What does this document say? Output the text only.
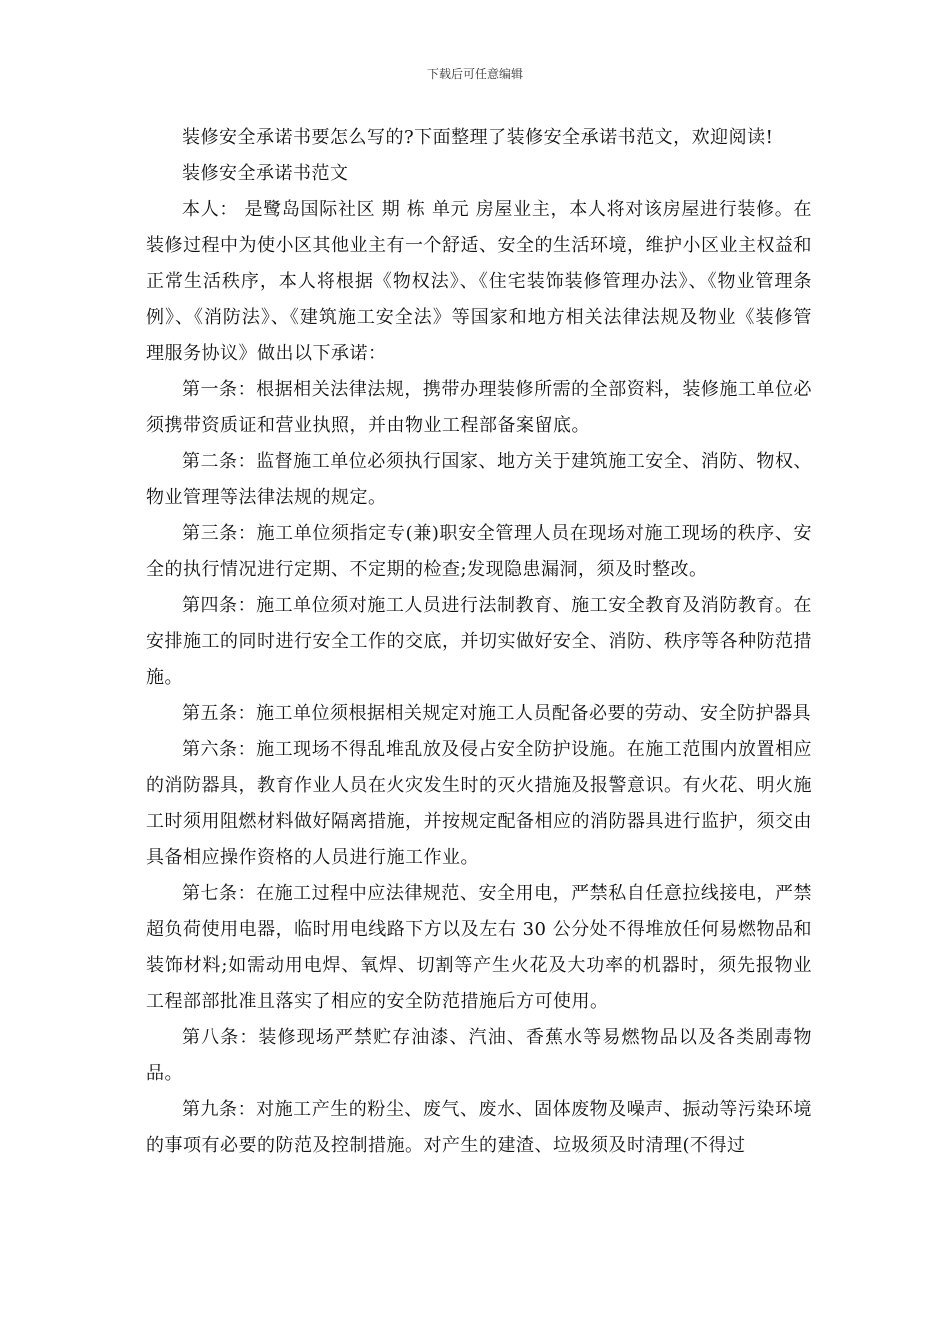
下载后可任意编辑

装修安全承诺书要怎么写的?下面整理了装修安全承诺书范文，欢迎阅读!

装修安全承诺书范文

本人： 是鹭岛国际社区 期 栋 单元 房屋业主，本人将对该房屋进行装修。在装修过程中为使小区其他业主有一个舒适、安全的生活环境，维护小区业主权益和正常生活秩序，本人将根据《物权法》、《住宅装饰装修管理办法》、《物业管理条例》、《消防法》、《建筑施工安全法》等国家和地方相关法律法规及物业《装修管理服务协议》做出以下承诺：

第一条：根据相关法律法规，携带办理装修所需的全部资料，装修施工单位必须携带资质证和营业执照，并由物业工程部备案留底。

第二条：监督施工单位必须执行国家、地方关于建筑施工安全、消防、物权、物业管理等法律法规的规定。

第三条：施工单位须指定专(兼)职安全管理人员在现场对施工现场的秩序、安全的执行情况进行定期、不定期的检查;发现隐患漏洞，须及时整改。

第四条：施工单位须对施工人员进行法制教育、施工安全教育及消防教育。在安排施工的同时进行安全工作的交底，并切实做好安全、消防、秩序等各种防范措施。

第五条：施工单位须根据相关规定对施工人员配备必要的劳动、安全防护器具

第六条：施工现场不得乱堆乱放及侵占安全防护设施。在施工范围内放置相应的消防器具，教育作业人员在火灾发生时的灭火措施及报警意识。有火花、明火施工时须用阻燃材料做好隔离措施，并按规定配备相应的消防器具进行监护，须交由具备相应操作资格的人员进行施工作业。

第七条：在施工过程中应法律规范、安全用电，严禁私自任意拉线接电，严禁超负荷使用电器，临时用电线路下方以及左右 30 公分处不得堆放任何易燃物品和装饰材料;如需动用电焊、氧焊、切割等产生火花及大功率的机器时，须先报物业工程部部批准且落实了相应的安全防范措施后方可使用。

第八条：装修现场严禁贮存油漆、汽油、香蕉水等易燃物品以及各类剧毒物品。

第九条：对施工产生的粉尘、废气、废水、固体废物及噪声、振动等污染环境的事项有必要的防范及控制措施。对产生的建渣、垃圾须及时清理(不得过
